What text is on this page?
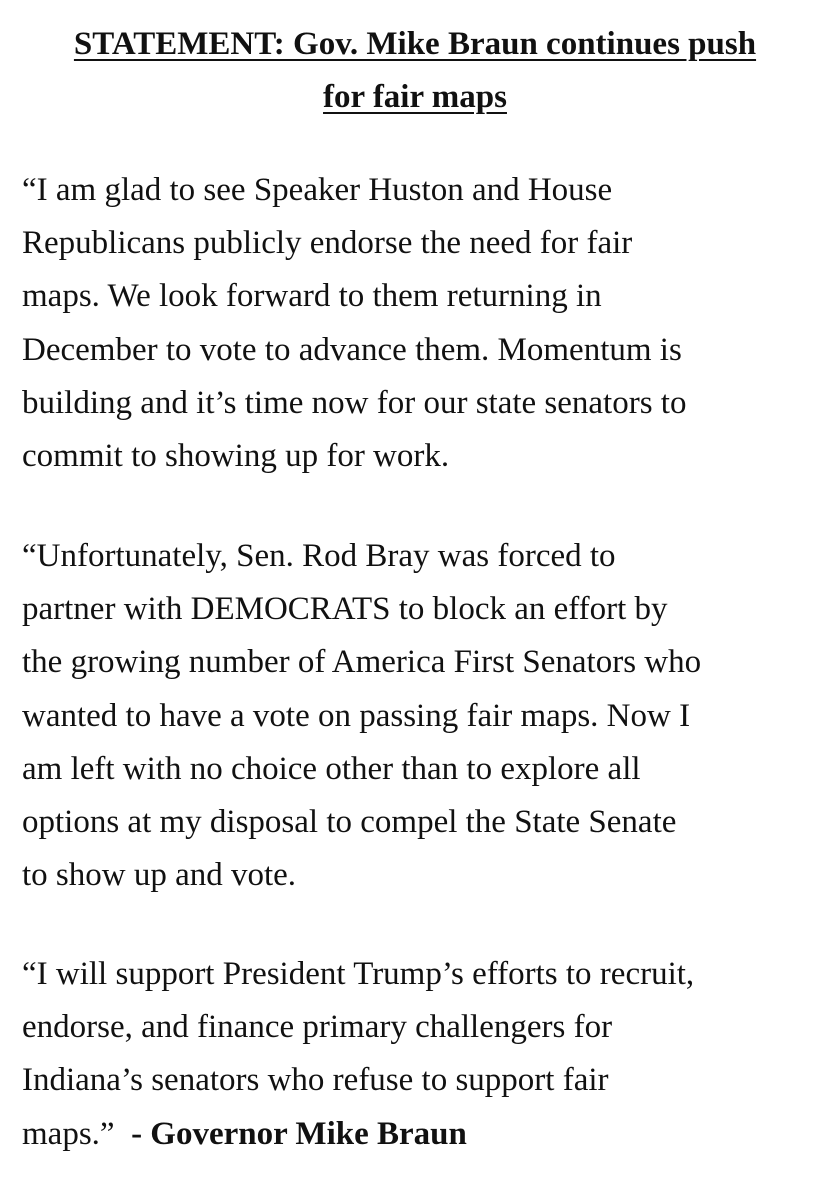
STATEMENT: Gov. Mike Braun continues push
for fair maps

“I am glad to see Speaker Huston and House
Republicans publicly endorse the need for fair
maps. We look forward to them returning in
December to vote to advance them. Momentum is
building and it’s time now for our state senators to
commit to showing up for work.

“Unfortunately, Sen. Rod Bray was forced to
partner with DEMOCRATS to block an effort by
the growing number of America First Senators who
wanted to have a vote on passing fair maps. Now I
am left with no choice other than to explore all
options at my disposal to compel the State Senate
to show up and vote.

“I will support President Trump’s efforts to recruit,
endorse, and finance primary challengers for
Indiana’s senators who refuse to support fair
maps.”  - Governor Mike Braun
